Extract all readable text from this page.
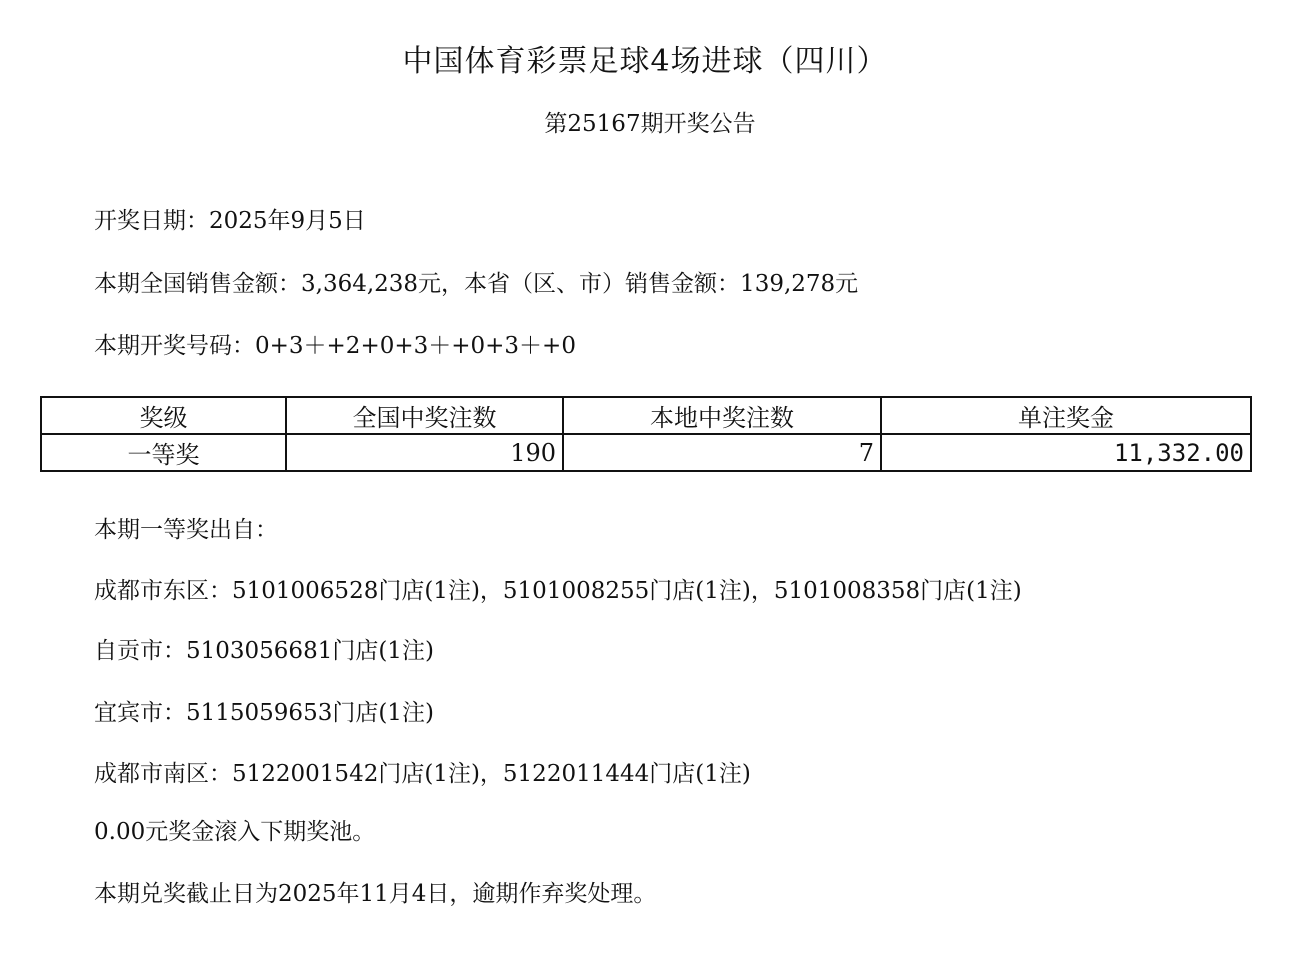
中国体育彩票足球4场进球（四川）
第25167期开奖公告
开奖日期：2025年9月5日
本期全国销售金额：3,364,238元，本省（区、市）销售金额：139,278元
本期开奖号码：0+3＋+2+0+3＋+0+3＋+0
奖级	全国中奖注数	本地中奖注数	单注奖金
一等奖	190	7	11,332.00
本期一等奖出自：
成都市东区：5101006528门店(1注)，5101008255门店(1注)，5101008358门店(1注)
自贡市：5103056681门店(1注)
宜宾市：5115059653门店(1注)
成都市南区：5122001542门店(1注)，5122011444门店(1注)
0.00元奖金滚入下期奖池。
本期兑奖截止日为2025年11月4日，逾期作弃奖处理。
